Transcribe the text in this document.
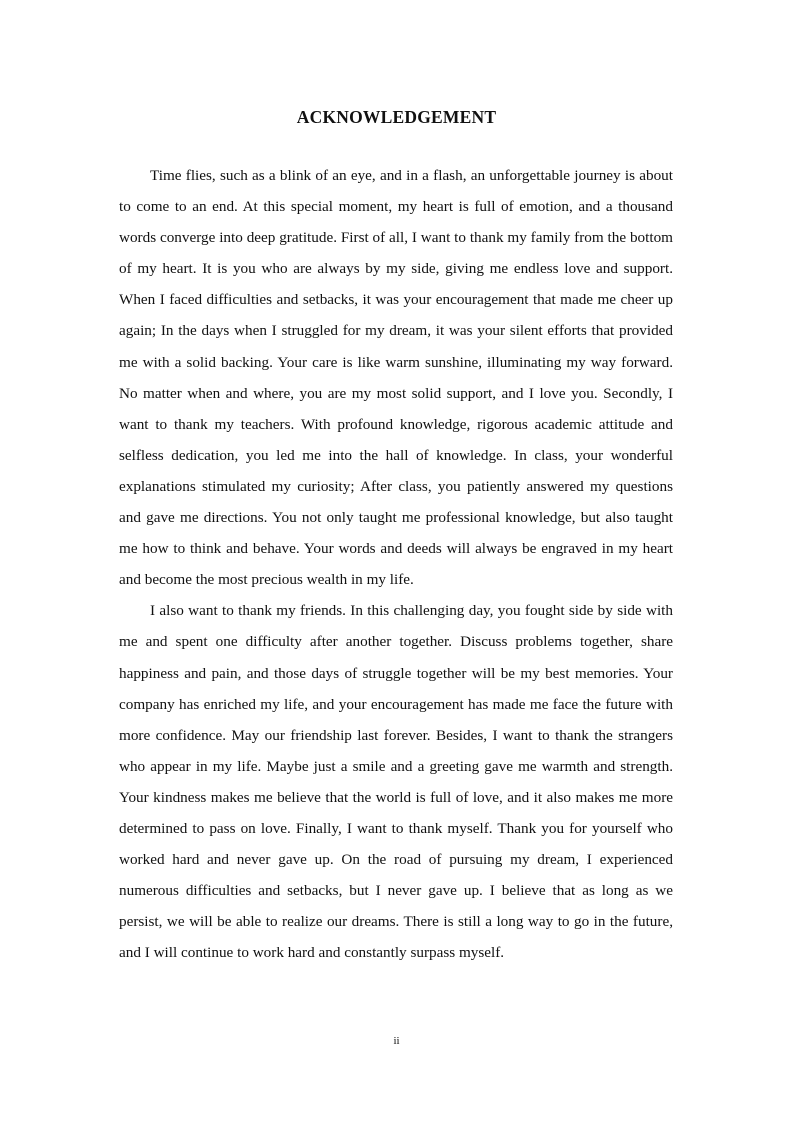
ACKNOWLEDGEMENT

Time flies, such as a blink of an eye, and in a flash, an unforgettable journey is about to come to an end. At this special moment, my heart is full of emotion, and a thousand words converge into deep gratitude. First of all, I want to thank my family from the bottom of my heart. It is you who are always by my side, giving me endless love and support. When I faced difficulties and setbacks, it was your encouragement that made me cheer up again; In the days when I struggled for my dream, it was your silent efforts that provided me with a solid backing. Your care is like warm sunshine, illuminating my way forward. No matter when and where, you are my most solid support, and I love you. Secondly, I want to thank my teachers. With profound knowledge, rigorous academic attitude and selfless dedication, you led me into the hall of knowledge. In class, your wonderful explanations stimulated my curiosity; After class, you patiently answered my questions and gave me directions. You not only taught me professional knowledge, but also taught me how to think and behave. Your words and deeds will always be engraved in my heart and become the most precious wealth in my life.

I also want to thank my friends. In this challenging day, you fought side by side with me and spent one difficulty after another together. Discuss problems together, share happiness and pain, and those days of struggle together will be my best memories. Your company has enriched my life, and your encouragement has made me face the future with more confidence. May our friendship last forever. Besides, I want to thank the strangers who appear in my life. Maybe just a smile and a greeting gave me warmth and strength. Your kindness makes me believe that the world is full of love, and it also makes me more determined to pass on love. Finally, I want to thank myself. Thank you for yourself who worked hard and never gave up. On the road of pursuing my dream, I experienced numerous difficulties and setbacks, but I never gave up. I believe that as long as we persist, we will be able to realize our dreams. There is still a long way to go in the future, and I will continue to work hard and constantly surpass myself.

ii
